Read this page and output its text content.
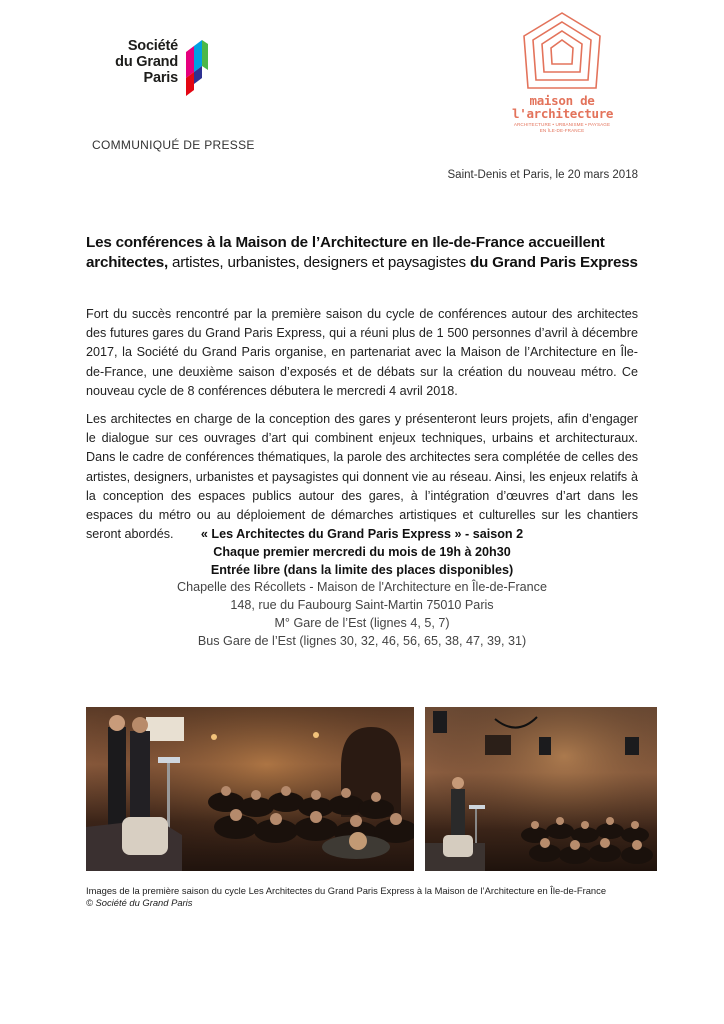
Société
du Grand
Paris
maison de
l'architecture
ARCHITECTURE • URBANISME • PAYSAGE
EN ÎLE-DE-FRANCE
COMMUNIQUÉ DE PRESSE
Saint-Denis et Paris, le 20 mars 2018
Les conférences à la Maison de l’Architecture en Ile-de-France accueillent
architectes, artistes, urbanistes, designers et paysagistes du Grand Paris Express
Fort du succès rencontré par la première saison du cycle de conférences autour des architectes des futures gares du Grand Paris Express, qui a réuni plus de 1 500 personnes d’avril à décembre 2017, la Société du Grand Paris organise, en partenariat avec la Maison de l’Architecture en Île-de-France, une deuxième saison d’exposés et de débats sur la création du nouveau métro. Ce nouveau cycle de 8 conférences débutera le mercredi 4 avril 2018.
Les architectes en charge de la conception des gares y présenteront leurs projets, afin d’engager le dialogue sur ces ouvrages d’art qui combinent enjeux techniques, urbains et architecturaux. Dans le cadre de conférences thématiques, la parole des architectes sera complétée de celles des artistes, designers, urbanistes et paysagistes qui donnent vie au réseau. Ainsi, les enjeux relatifs à la conception des espaces publics autour des gares, à l’intégration d’œuvres d’art dans les espaces du métro ou au déploiement de démarches artistiques et culturelles sur les chantiers seront abordés.	« Les Architectes du Grand Paris Express » - saison 2
Chaque premier mercredi du mois de 19h à 20h30
Entrée libre (dans la limite des places disponibles)
Chapelle des Récollets - Maison de l'Architecture en Île-de-France
148, rue du Faubourg Saint-Martin 75010 Paris
M° Gare de l’Est (lignes 4, 5, 7)
Bus Gare de l’Est (lignes 30, 32, 46, 56, 65, 38, 47, 39, 31)
Images de la première saison du cycle Les Architectes du Grand Paris Express à la Maison de l’Architecture en Île-de-France
© Société du Grand Paris
